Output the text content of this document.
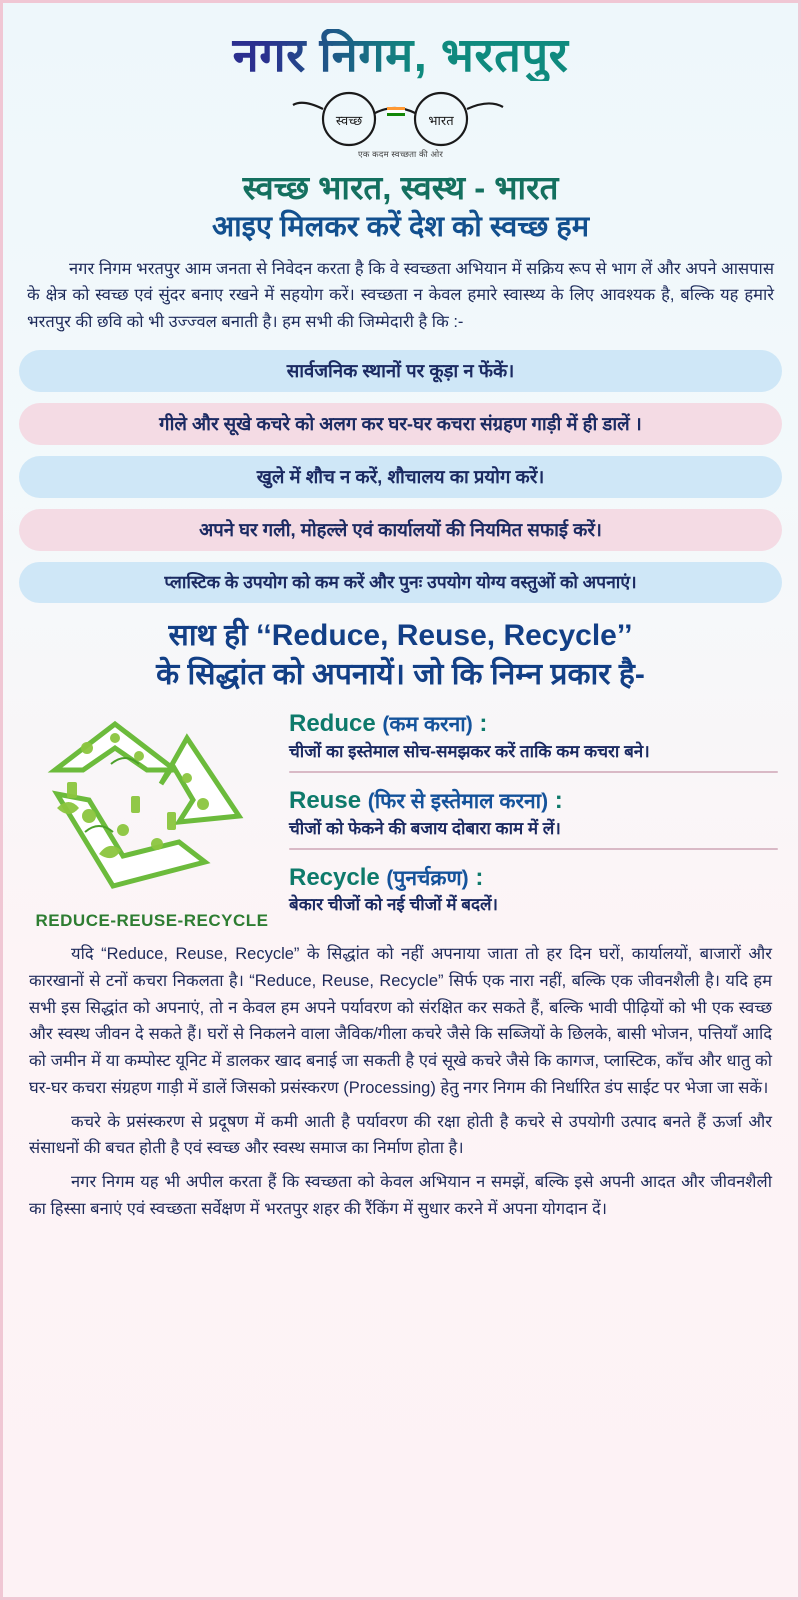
नगर निगम, भरतपुर
स्वच्छ	भारत
एक कदम स्वच्छता की ओर
स्वच्छ भारत, स्वस्थ - भारत
आइए मिलकर करें देश को स्वच्छ हम
नगर निगम भरतपुर आम जनता से निवेदन करता है कि वे स्वच्छता अभियान में सक्रिय रूप से भाग लें और अपने आसपास के क्षेत्र को स्वच्छ एवं सुंदर बनाए रखने में सहयोग करें। स्वच्छता न केवल हमारे स्वास्थ्य के लिए आवश्यक है, बल्कि यह हमारे भरतपुर की छवि को भी उज्ज्वल बनाती है। हम सभी की जिम्मेदारी है कि :-
सार्वजनिक स्थानों पर कूड़ा न फेंकें।
गीले और सूखे कचरे को अलग कर घर-घर कचरा संग्रहण गाड़ी में ही डालें ।
खुले में शौच न करें, शौचालय का प्रयोग करें।
अपने घर गली, मोहल्ले एवं कार्यालयों की नियमित सफाई करें।
प्लास्टिक के उपयोग को कम करें और पुनः उपयोग योग्य वस्तुओं को अपनाएं।
साथ ही ‘‘Reduce, Reuse, Recycle’’
के सिद्धांत को अपनायें। जो कि निम्न प्रकार है-
REDUCE-REUSE-RECYCLE
Reduce (कम करना) :
चीजों का इस्तेमाल सोच-समझकर करें ताकि कम कचरा बने।
Reuse (फिर से इस्तेमाल करना) :
चीजों को फेकने की बजाय दोबारा काम में लें।
Recycle (पुनर्चक्रण) :
बेकार चीजों को नई चीजों में बदलें।

यदि “Reduce, Reuse, Recycle” के सिद्धांत को नहीं अपनाया जाता तो हर दिन घरों, कार्यालयों, बाजारों और कारखानों से टनों कचरा निकलता है। “Reduce, Reuse, Recycle” सिर्फ एक नारा नहीं, बल्कि एक जीवनशैली है। यदि हम सभी इस सिद्धांत को अपनाएं, तो न केवल हम अपने पर्यावरण को संरक्षित कर सकते हैं, बल्कि भावी पीढ़ियों को भी एक स्वच्छ और स्वस्थ जीवन दे सकते हैं। घरों से निकलने वाला जैविक/गीला कचरे जैसे कि सब्जियों के छिलके, बासी भोजन, पत्तियाँ आदि को जमीन में या कम्पोस्ट यूनिट में डालकर खाद बनाई जा सकती है एवं सूखे कचरे जैसे कि कागज, प्लास्टिक, काँच और धातु को घर-घर कचरा संग्रहण गाड़ी में डालें जिसको प्रसंस्करण (Processing) हेतु नगर निगम की निर्धारित डंप साईट पर भेजा जा सकें।

कचरे के प्रसंस्करण से प्रदूषण में कमी आती है पर्यावरण की रक्षा होती है कचरे से उपयोगी उत्पाद बनते हैं ऊर्जा और संसाधनों की बचत होती है एवं स्वच्छ और स्वस्थ समाज का निर्माण होता है।

नगर निगम यह भी अपील करता हैं कि स्वच्छता को केवल अभियान न समझें, बल्कि इसे अपनी आदत और जीवनशैली का हिस्सा बनाएं एवं स्वच्छता सर्वेक्षण में भरतपुर शहर की रैंकिंग में सुधार करने में अपना योगदान दें।
